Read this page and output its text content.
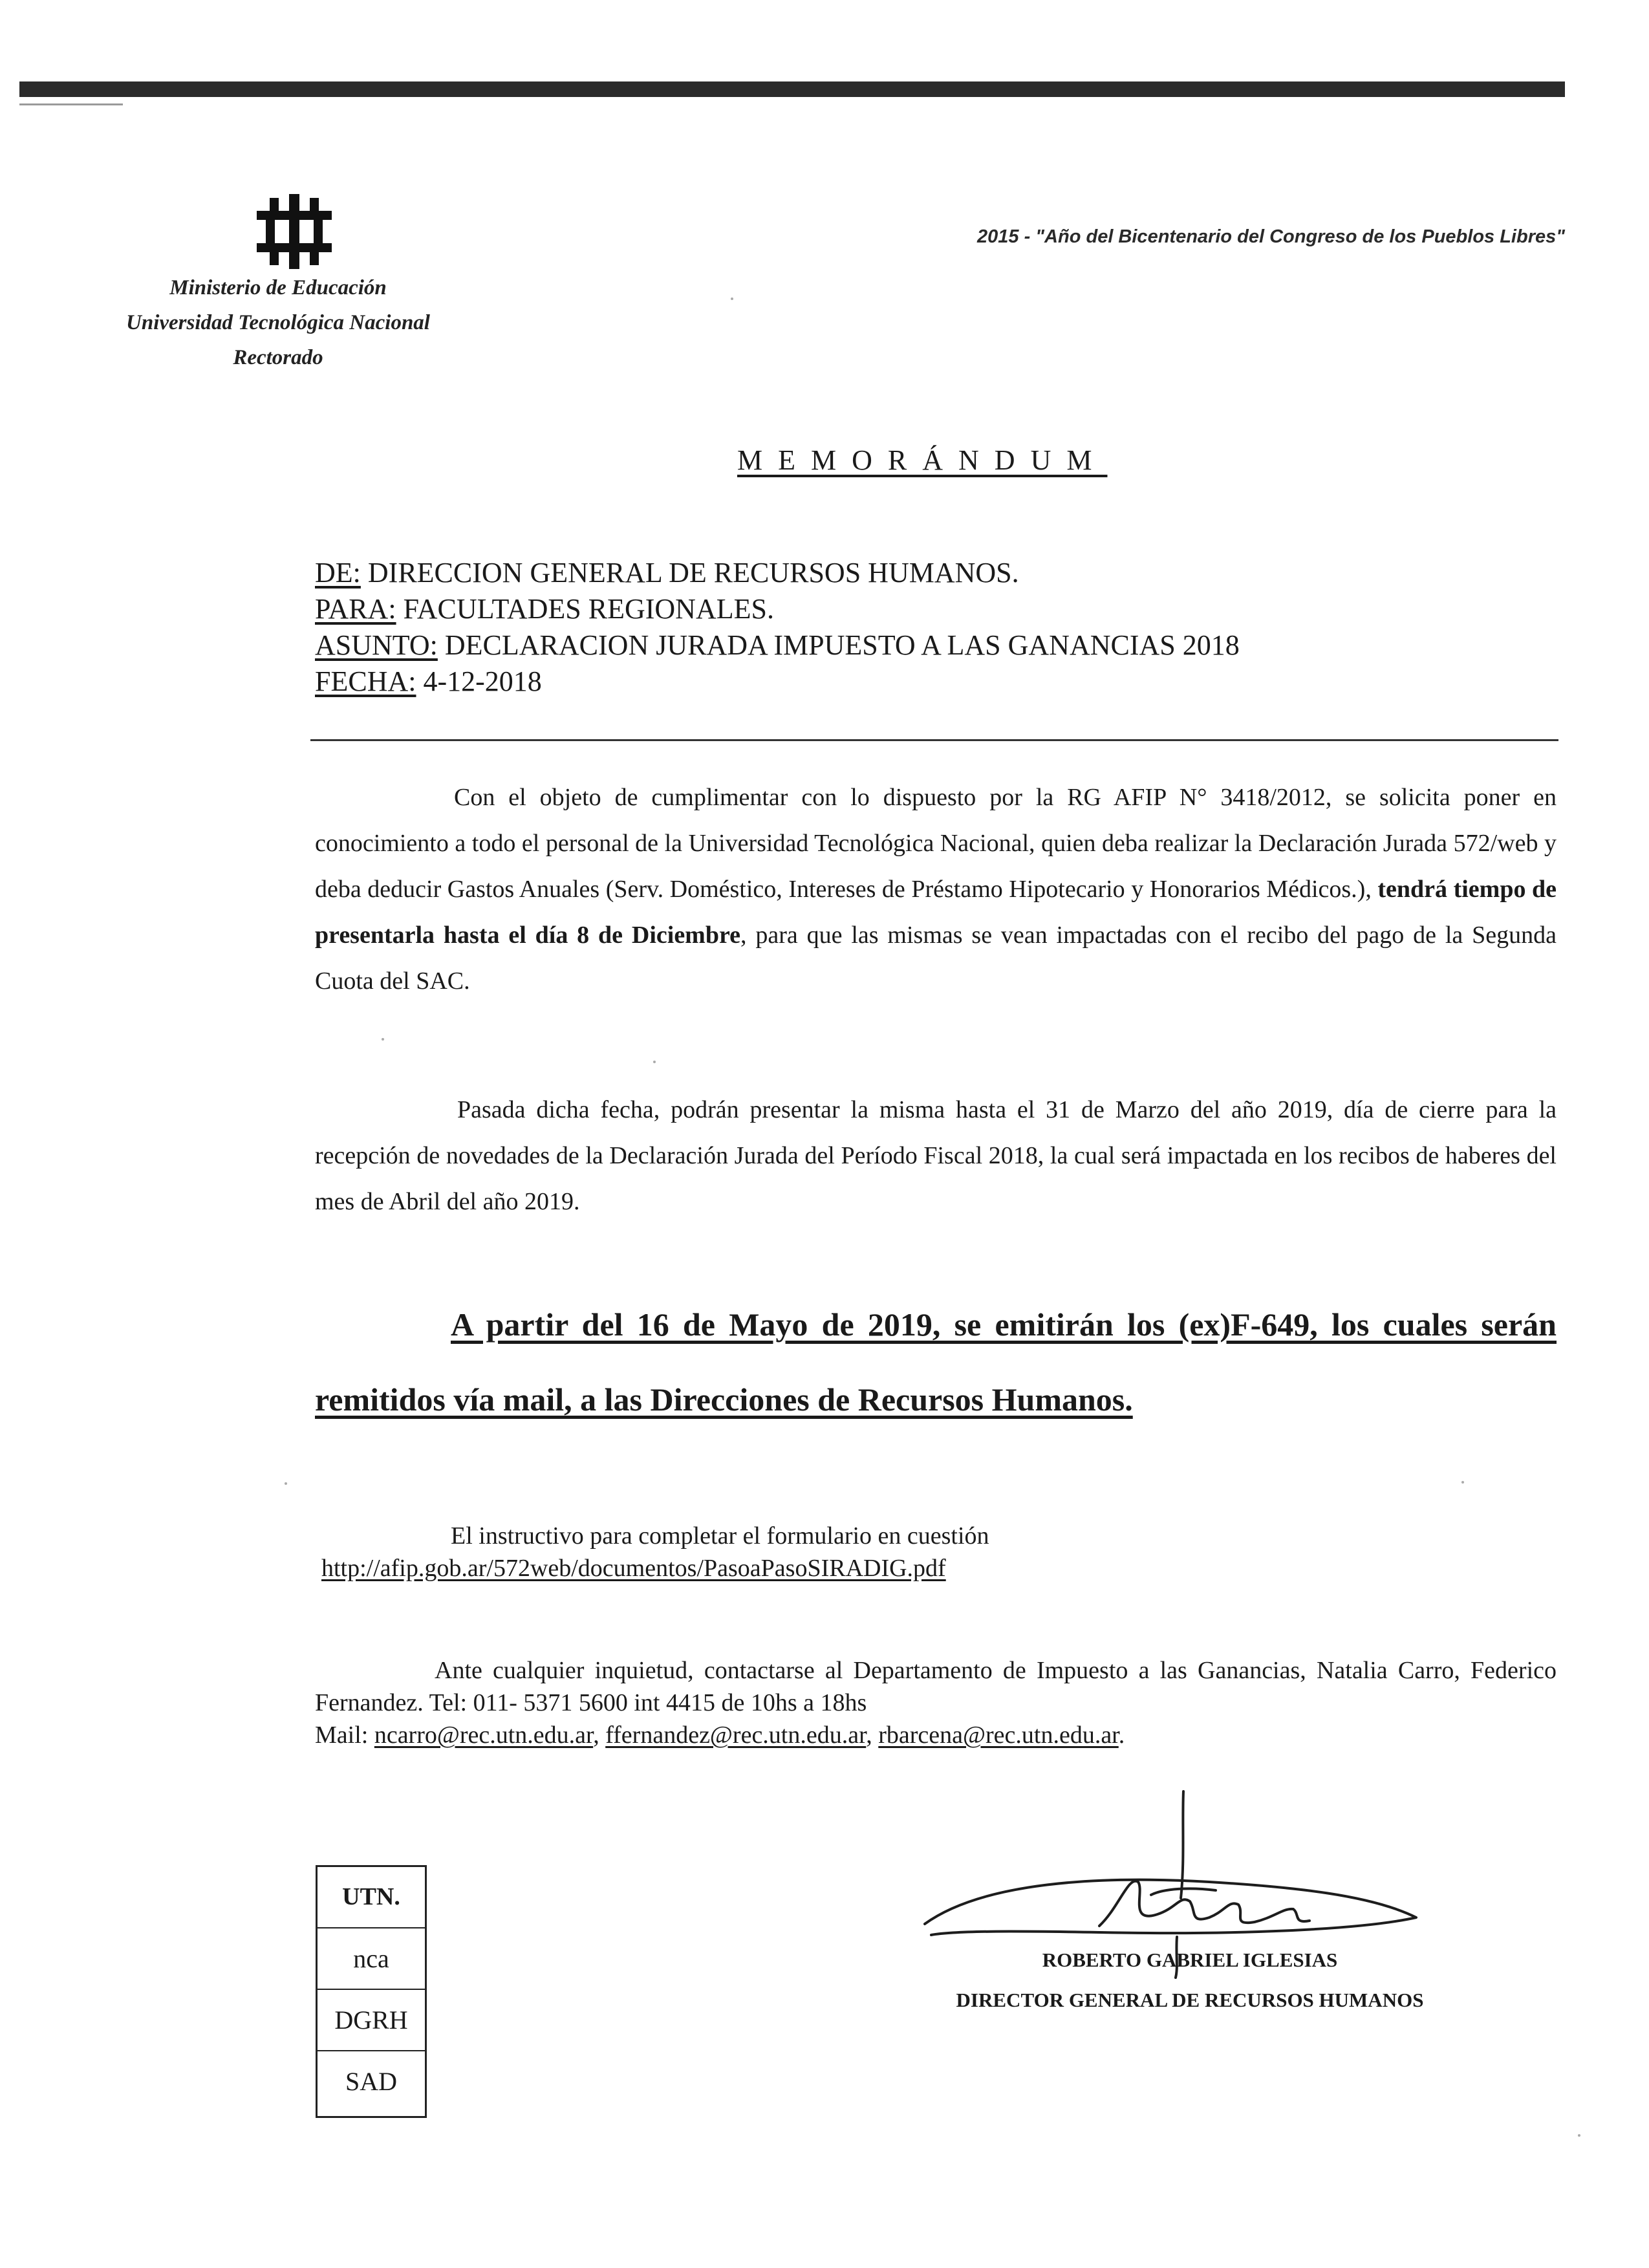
Ministerio de Educación
Universidad Tecnológica Nacional
Rectorado
2015 - "Año del Bicentenario del Congreso de los Pueblos Libres"
MEMORÁNDUM
DE: DIRECCION GENERAL DE RECURSOS HUMANOS.
PARA: FACULTADES REGIONALES.
ASUNTO: DECLARACION JURADA IMPUESTO A LAS GANANCIAS 2018
FECHA: 4-12-2018
Con el objeto de cumplimentar con lo dispuesto por la RG AFIP N° 3418/2012, se solicita poner en conocimiento a todo el personal de la Universidad Tecnológica Nacional, quien deba realizar la Declaración Jurada 572/web y deba deducir Gastos Anuales (Serv. Doméstico, Intereses de Préstamo Hipotecario y Honorarios Médicos.), tendrá tiempo de presentarla hasta el día 8 de Diciembre, para que las mismas se vean impactadas con el recibo del pago de la Segunda Cuota del SAC.
Pasada dicha fecha, podrán presentar la misma hasta el 31 de Marzo del año 2019, día de cierre para la recepción de novedades de la Declaración Jurada del Período Fiscal 2018, la cual será impactada en los recibos de haberes del mes de Abril del año 2019.
A partir del 16 de Mayo de 2019, se emitirán los (ex)F-649, los cuales serán remitidos vía mail, a las Direcciones de Recursos Humanos.
El instructivo para completar el formulario en cuestión
http://afip.gob.ar/572web/documentos/PasoaPasoSIRADIG.pdf
Ante cualquier inquietud, contactarse al Departamento de Impuesto a las Ganancias, Natalia Carro, Federico Fernandez. Tel: 011- 5371 5600 int 4415 de 10hs a 18hs
Mail: ncarro@rec.utn.edu.ar, ffernandez@rec.utn.edu.ar, rbarcena@rec.utn.edu.ar.
UTN.
nca
DGRH
SAD
ROBERTO GABRIEL IGLESIAS
DIRECTOR GENERAL DE RECURSOS HUMANOS
